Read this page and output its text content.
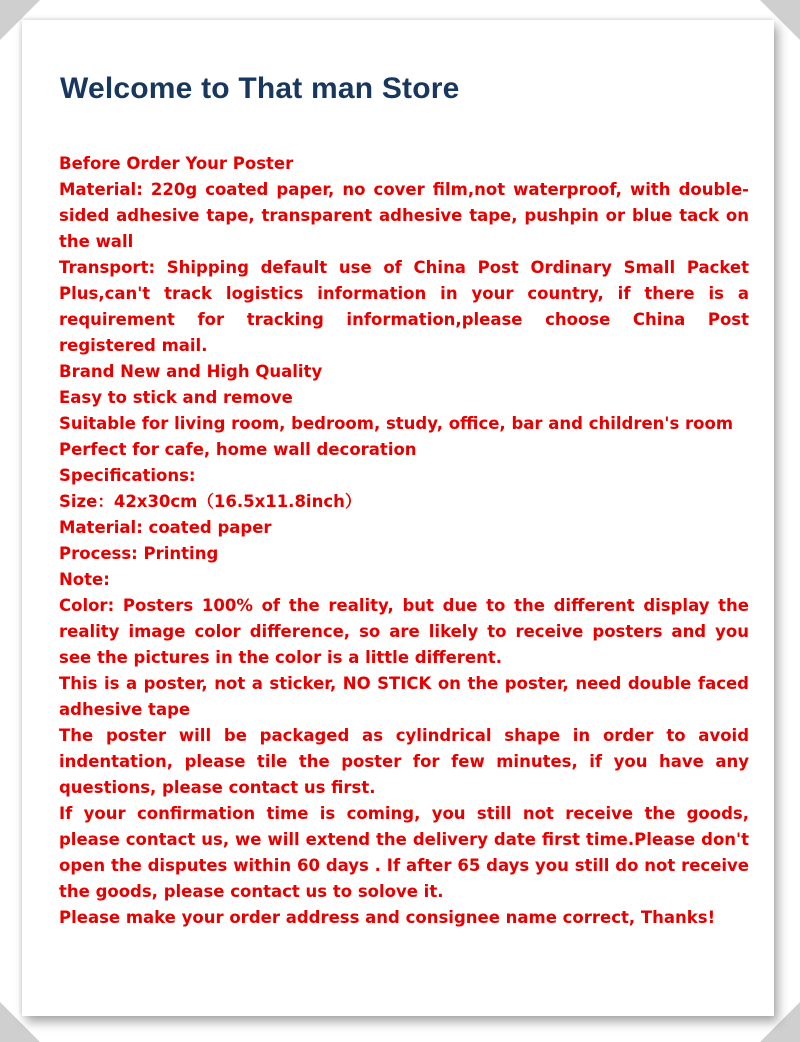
Welcome to That man Store

Before Order Your Poster

Material: 220g coated paper, no cover film,not waterproof, with double-sided adhesive tape, transparent adhesive tape, pushpin or blue tack on the wall

Transport: Shipping default use of China Post Ordinary Small Packet Plus,can't track logistics information in your country, if there is a requirement for tracking information,please choose China Post registered mail.

Brand New and High Quality

Easy to stick and remove

Suitable for living room, bedroom, study, office, bar and children's room

Perfect for cafe, home wall decoration

Specifications:

Size：42x30cm（16.5x11.8inch）

Material: coated paper

Process: Printing

Note:

Color: Posters 100% of the reality, but due to the different display the reality image color difference, so are likely to receive posters and you see the pictures in the color is a little different.

This is a poster, not a sticker, NO STICK on the poster, need double faced adhesive tape

The poster will be packaged as cylindrical shape in order to avoid indentation, please tile the poster for few minutes, if you have any questions, please contact us first.

If your confirmation time is coming, you still not receive the goods, please contact us, we will extend the delivery date first time.Please don't open the disputes within 60 days . If after 65 days you still do not receive the goods, please contact us to solove it.

Please make your order address and consignee name correct, Thanks!
